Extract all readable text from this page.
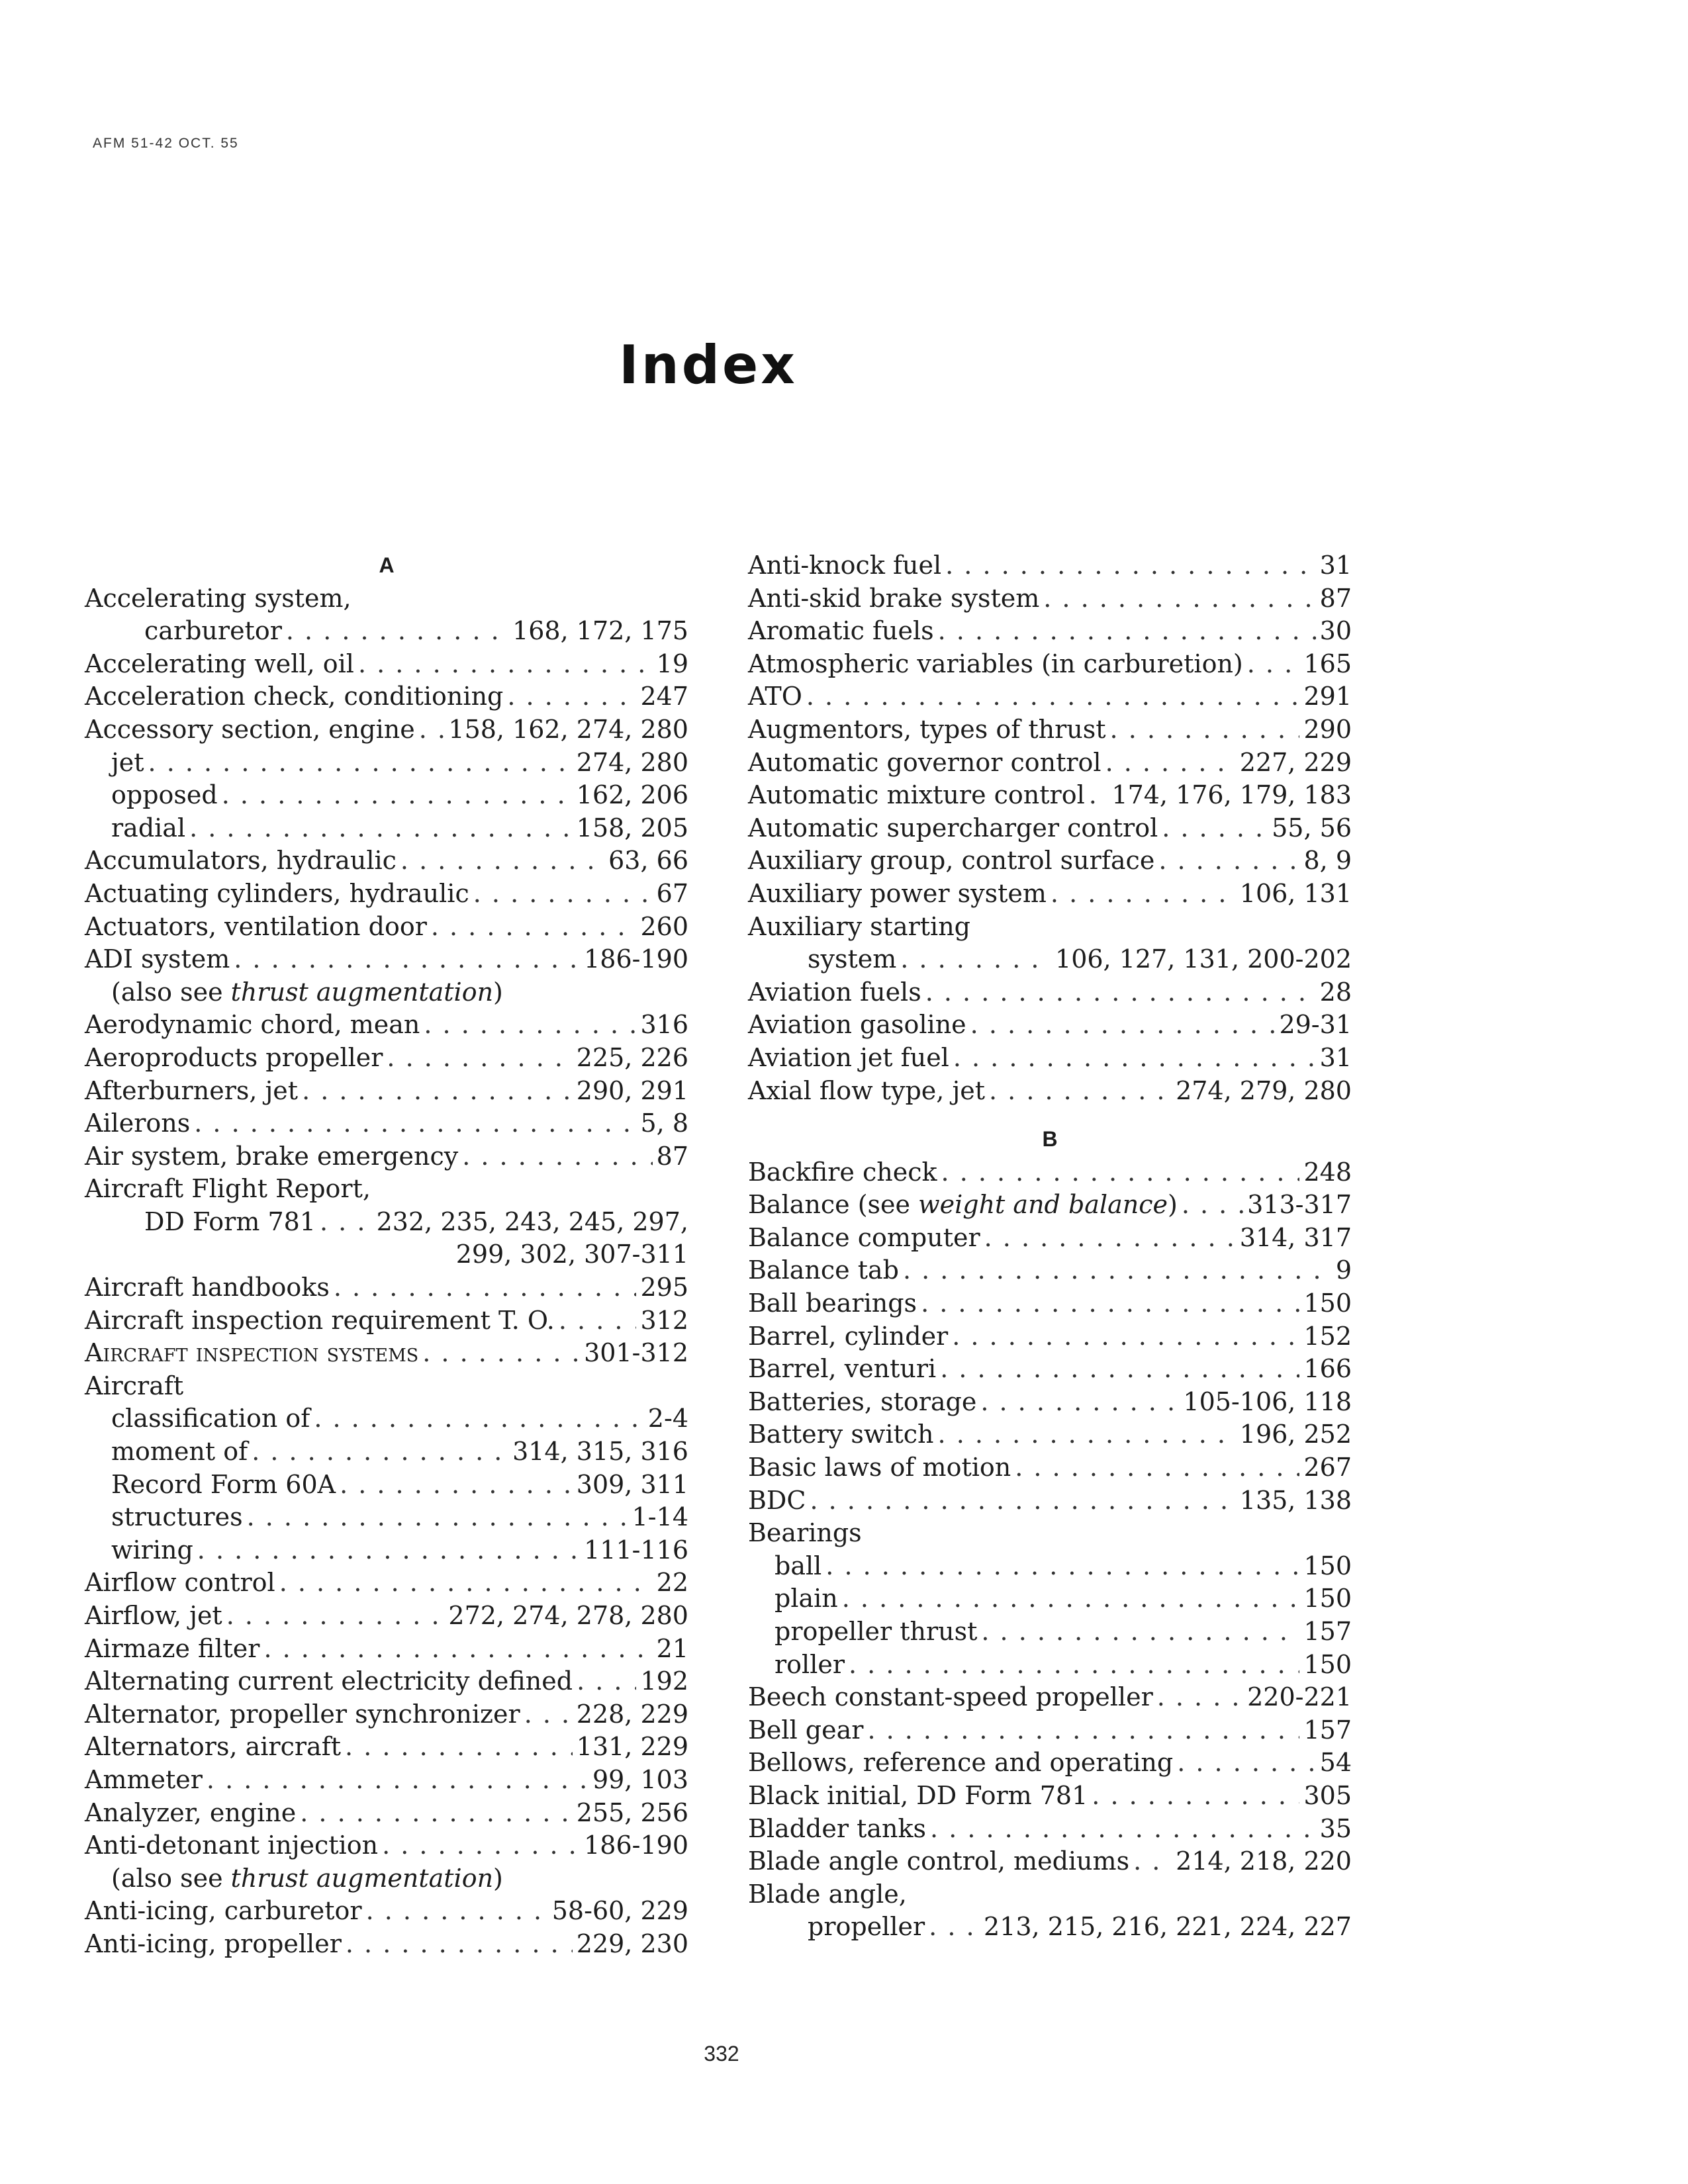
AFM 51-42 OCT. 55
Index
A
Accelerating system,
carburetor . . .	168, 172, 175
Accelerating well, oil . . .	19
Acceleration check, conditioning . . .	247
Accessory section, engine . . . 158, 162, 274, 280
jet . . .	274, 280
opposed . . .	162, 206
radial . . .	158, 205
Accumulators, hydraulic . . .	63, 66
Actuating cylinders, hydraulic . . .	67
Actuators, ventilation door . . .	260
ADI system . . .	186-190
(also see thrust augmentation)
Aerodynamic chord, mean . . .	316
Aeroproducts propeller . . .	225, 226
Afterburners, jet . . .	290, 291
Ailerons . . .	5, 8
Air system, brake emergency . . .	87
Aircraft Flight Report,
DD Form 781 . . . 232, 235, 243, 245, 297,
299, 302, 307-311
Aircraft handbooks . . .	295
Aircraft inspection requirement T. O. . . .	312
Aircraft inspection systems . . .	301-312
Aircraft
classification of . . .	2-4
moment of . . .	314, 315, 316
Record Form 60A . . .	309, 311
structures . . .	1-14
wiring . . .	111-116
Airflow control . . .	22
Airflow, jet . . .	272, 274, 278, 280
Airmaze filter . . .	21
Alternating current electricity defined . . .	192
Alternator, propeller synchronizer . . . 228, 229
Alternators, aircraft . . .	131, 229
Ammeter . . .	99, 103
Analyzer, engine . . .	255, 256
Anti-detonant injection . . .	186-190
(also see thrust augmentation)
Anti-icing, carburetor . . .	58-60, 229
Anti-icing, propeller . . .	229, 230
Anti-knock fuel . . .	31
Anti-skid brake system . . .	87
Aromatic fuels . . .	30
Atmospheric variables (in carburetion) . . . 165
ATO . . .	291
Augmentors, types of thrust . . .	290
Automatic governor control . . .	227, 229
Automatic mixture control . . . 174, 176, 179, 183
Automatic supercharger control . . .	55, 56
Auxiliary group, control surface . . .	8, 9
Auxiliary power system . . .	106, 131
Auxiliary starting
system . . .	106, 127, 131, 200-202
Aviation fuels . . .	28
Aviation gasoline . . .	29-31
Aviation jet fuel . . .	31
Axial flow type, jet . . .	274, 279, 280
B
Backfire check . . .	248
Balance (see weight and balance) . . .	313-317
Balance computer . . .	314, 317
Balance tab . . .	9
Ball bearings . . .	150
Barrel, cylinder . . .	152
Barrel, venturi . . .	166
Batteries, storage . . .	105-106, 118
Battery switch . . .	196, 252
Basic laws of motion . . .	267
BDC . . .	135, 138
Bearings
ball . . .	150
plain . . .	150
propeller thrust . . .	157
roller . . .	150
Beech constant-speed propeller . . .	220-221
Bell gear . . .	157
Bellows, reference and operating . . .	54
Black initial, DD Form 781 . . .	305
Bladder tanks . . .	35
Blade angle control, mediums . . . 214, 218, 220
Blade angle,
propeller . . . 213, 215, 216, 221, 224, 227
332
